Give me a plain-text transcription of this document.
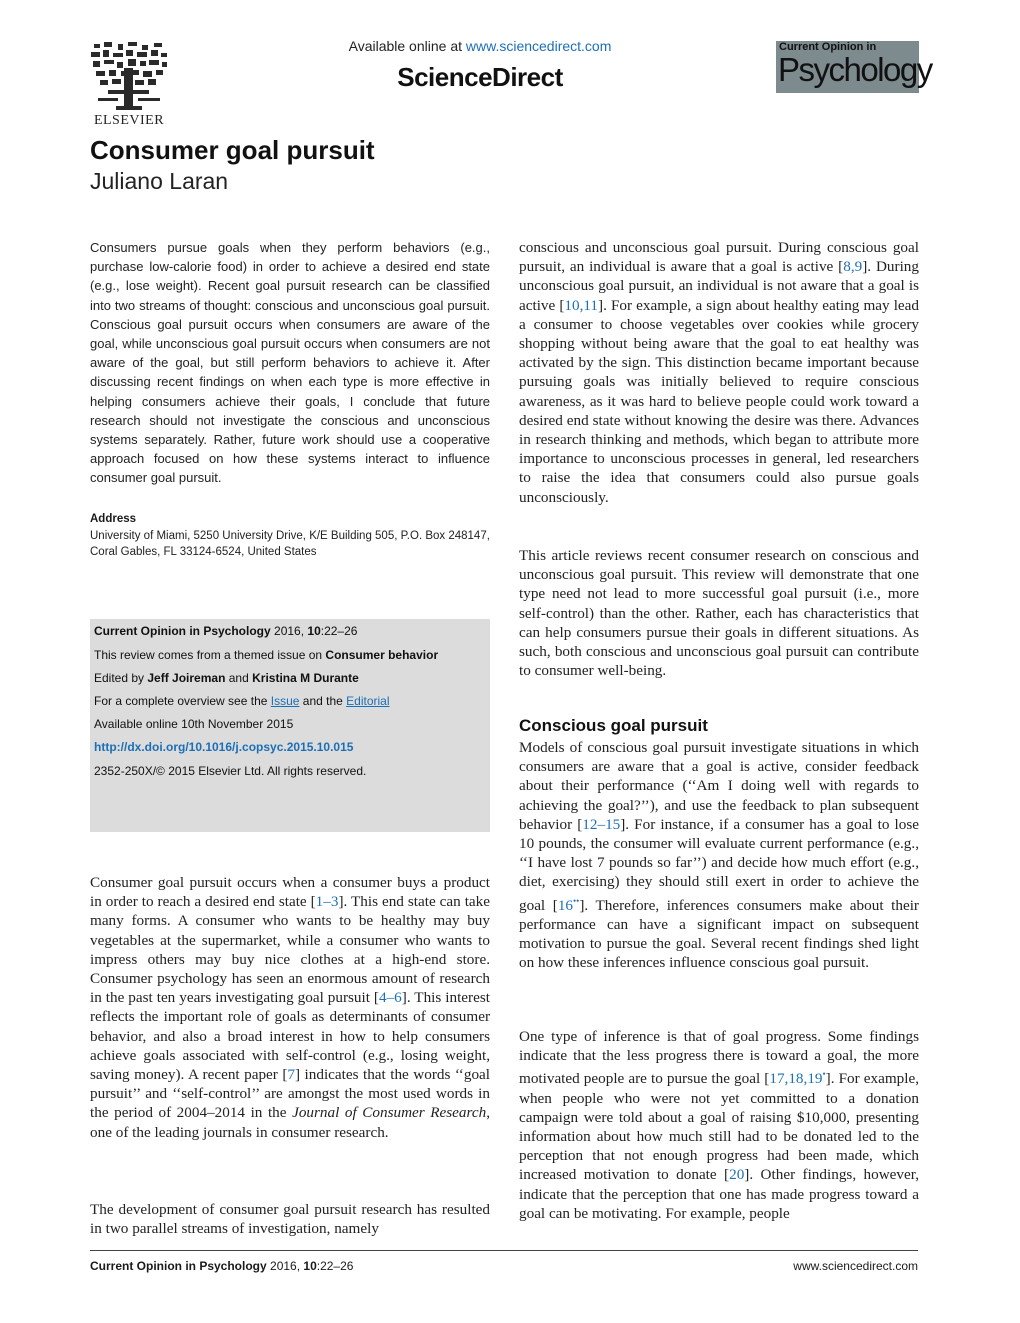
ELSEVIER
Available online at www.sciencedirect.com
ScienceDirect
Current Opinion in
Psychology
Consumer goal pursuit
Juliano Laran
Consumers pursue goals when they perform behaviors (e.g., purchase low-calorie food) in order to achieve a desired end state (e.g., lose weight). Recent goal pursuit research can be classified into two streams of thought: conscious and unconscious goal pursuit. Conscious goal pursuit occurs when consumers are aware of the goal, while unconscious goal pursuit occurs when consumers are not aware of the goal, but still perform behaviors to achieve it. After discussing recent findings on when each type is more effective in helping consumers achieve their goals, I conclude that future research should not investigate the conscious and unconscious systems separately. Rather, future work should use a cooperative approach focused on how these systems interact to influence consumer goal pursuit.
Address
University of Miami, 5250 University Drive, K/E Building 505, P.O. Box 248147, Coral Gables, FL 33124-6524, United States
Current Opinion in Psychology 2016, 10:22–26
This review comes from a themed issue on Consumer behavior
Edited by Jeff Joireman and Kristina M Durante
For a complete overview see the Issue and the Editorial
Available online 10th November 2015
http://dx.doi.org/10.1016/j.copsyc.2015.10.015
2352-250X/© 2015 Elsevier Ltd. All rights reserved.

Consumer goal pursuit occurs when a consumer buys a product in order to reach a desired end state [1–3]. This end state can take many forms. A consumer who wants to be healthy may buy vegetables at the supermarket, while a consumer who wants to impress others may buy nice clothes at a high-end store. Consumer psychology has seen an enormous amount of research in the past ten years investigating goal pursuit [4–6]. This interest reflects the important role of goals as determinants of consumer behavior, and also a broad interest in how to help consumers achieve goals associated with self-control (e.g., losing weight, saving money). A recent paper [7] indicates that the words ‘‘goal pursuit’’ and ‘‘self-control’’ are amongst the most used words in the period of 2004–2014 in the Journal of Consumer Research, one of the leading journals in consumer research.

The development of consumer goal pursuit research has resulted in two parallel streams of investigation, namely

conscious and unconscious goal pursuit. During conscious goal pursuit, an individual is aware that a goal is active [8,9]. During unconscious goal pursuit, an individual is not aware that a goal is active [10,11]. For example, a sign about healthy eating may lead a consumer to choose vegetables over cookies while grocery shopping without being aware that the goal to eat healthy was activated by the sign. This distinction became important because pursuing goals was initially believed to require conscious awareness, as it was hard to believe people could work toward a desired end state without knowing the desire was there. Advances in research thinking and methods, which began to attribute more importance to unconscious processes in general, led researchers to raise the idea that consumers could also pursue goals unconsciously.

This article reviews recent consumer research on conscious and unconscious goal pursuit. This review will demonstrate that one type need not lead to more successful goal pursuit (i.e., more self-control) than the other. Rather, each has characteristics that can help consumers pursue their goals in different situations. As such, both conscious and unconscious goal pursuit can contribute to consumer well-being.

Conscious goal pursuit

Models of conscious goal pursuit investigate situations in which consumers are aware that a goal is active, consider feedback about their performance (‘‘Am I doing well with regards to achieving the goal?’’), and use the feedback to plan subsequent behavior [12–15]. For instance, if a consumer has a goal to lose 10 pounds, the consumer will evaluate current performance (e.g., ‘‘I have lost 7 pounds so far’’) and decide how much effort (e.g., diet, exercising) they should still exert in order to achieve the goal [16••]. Therefore, inferences consumers make about their performance can have a significant impact on subsequent motivation to pursue the goal. Several recent findings shed light on how these inferences influence conscious goal pursuit.

One type of inference is that of goal progress. Some findings indicate that the less progress there is toward a goal, the more motivated people are to pursue the goal [17,18,19•]. For example, when people who were not yet committed to a donation campaign were told about a goal of raising $10,000, presenting information about how much still had to be donated led to the perception that not enough progress had been made, which increased motivation to donate [20]. Other findings, however, indicate that the perception that one has made progress toward a goal can be motivating. For example, people

Current Opinion in Psychology 2016, 10:22–26	www.sciencedirect.com
